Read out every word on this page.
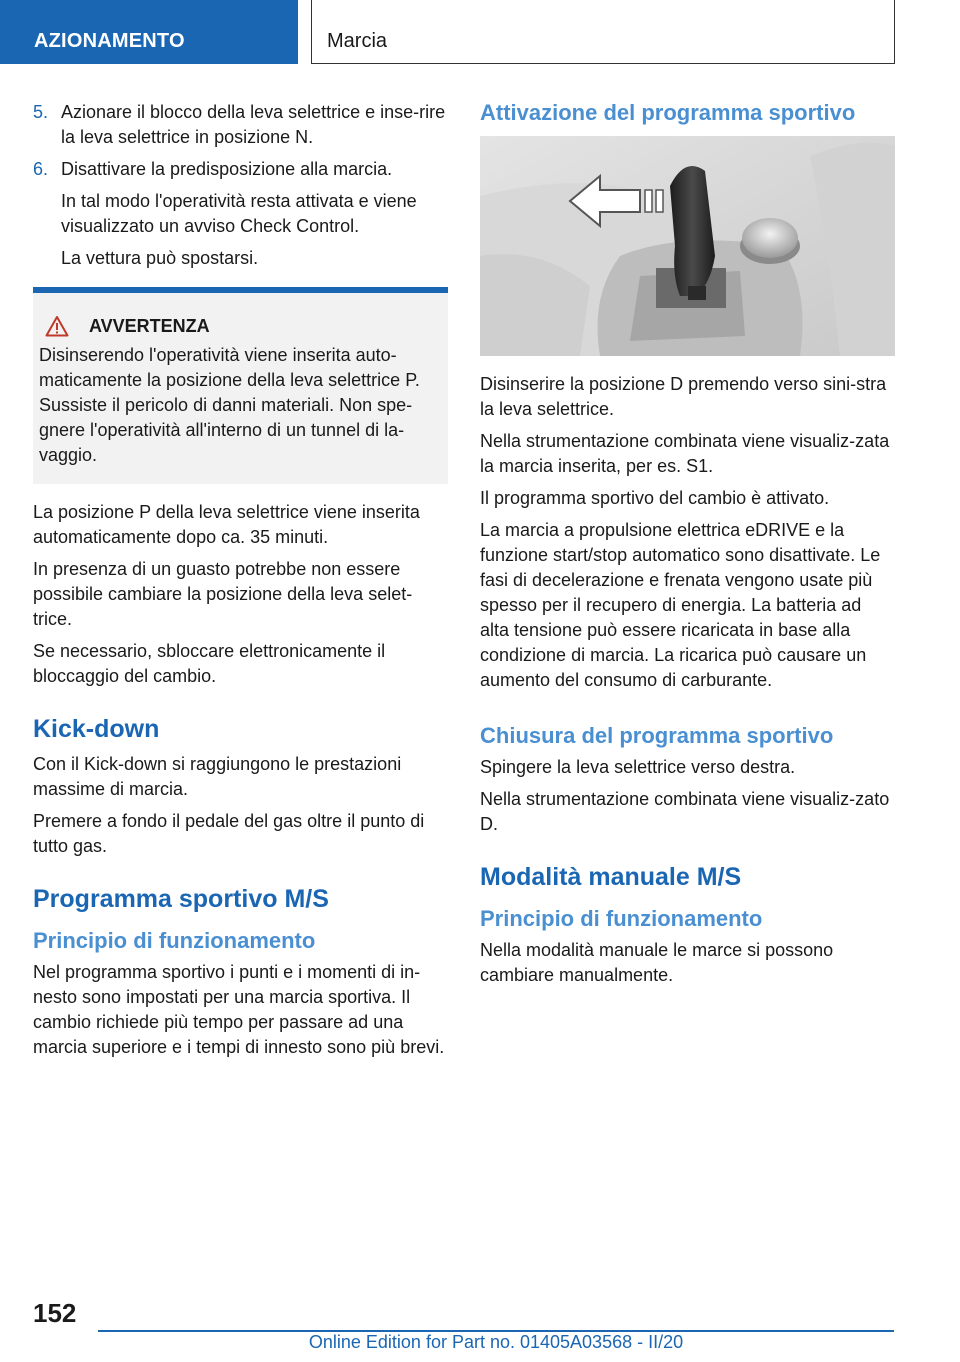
AZIONAMENTO	Marcia
5. Azionare il blocco della leva selettrice e inse‐rire la leva selettrice in posizione N.
6. Disattivare la predisposizione alla marcia.

In tal modo l'operatività resta attivata e viene visualizzato un avviso Check Control.

La vettura può spostarsi.

AVVERTENZA

Disinserendo l'operatività viene inserita auto‐maticamente la posizione della leva selettrice P. Sussiste il pericolo di danni materiali. Non spe‐gnere l'operatività all'interno di un tunnel di la‐vaggio.

La posizione P della leva selettrice viene inserita automaticamente dopo ca. 35 minuti.

In presenza di un guasto potrebbe non essere possibile cambiare la posizione della leva selet‐trice.

Se necessario, sbloccare elettronicamente il bloccaggio del cambio.

Kick-down

Con il Kick-down si raggiungono le prestazioni massime di marcia.

Premere a fondo il pedale del gas oltre il punto di tutto gas.

Programma sportivo M/S
Principio di funzionamento

Nel programma sportivo i punti e i momenti di in‐nesto sono impostati per una marcia sportiva. Il cambio richiede più tempo per passare ad una marcia superiore e i tempi di innesto sono più brevi.

Attivazione del programma sportivo

Disinserire la posizione D premendo verso sini‐stra la leva selettrice.

Nella strumentazione combinata viene visualiz‐zata la marcia inserita, per es. S1.

Il programma sportivo del cambio è attivato.

La marcia a propulsione elettrica eDRIVE e la funzione start/stop automatico sono disattivate. Le fasi di decelerazione e frenata vengono usate più spesso per il recupero di energia. La batteria ad alta tensione può essere ricaricata in base alla condizione di marcia. La ricarica può causare un aumento del consumo di carburante.

Chiusura del programma sportivo

Spingere la leva selettrice verso destra.

Nella strumentazione combinata viene visualiz‐zato D.

Modalità manuale M/S
Principio di funzionamento

Nella modalità manuale le marce si possono cambiare manualmente.

152
Online Edition for Part no. 01405A03568 - II/20
